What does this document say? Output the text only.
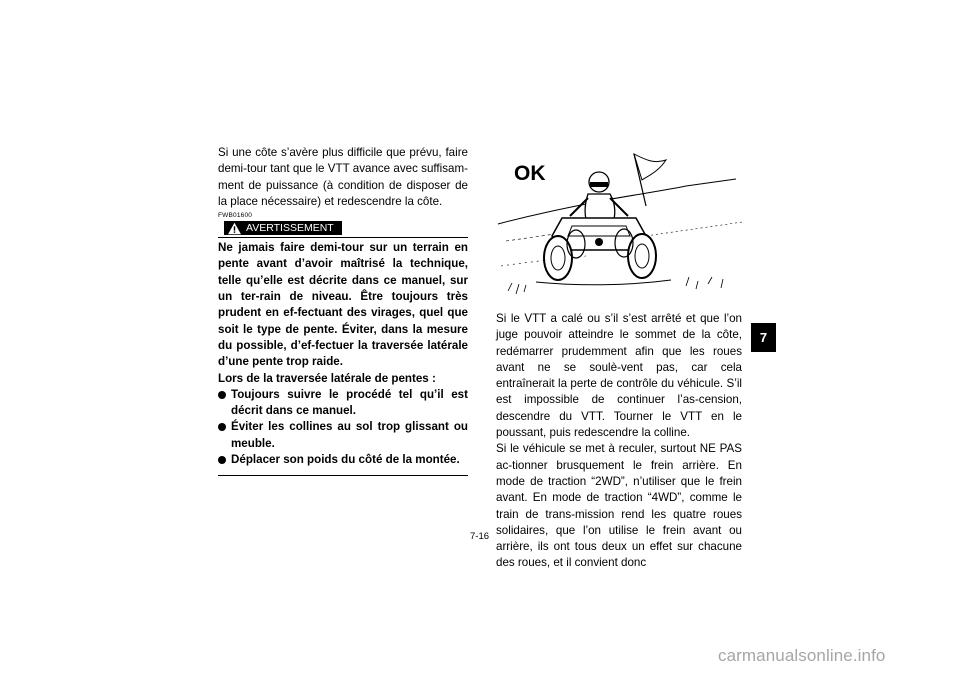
Si une côte s’avère plus difficile que prévu, faire demi-tour tant que le VTT avance avec suffisam-ment de puissance (à condition de disposer de la place nécessaire) et redescendre la côte.

FWB01600

AVERTISSEMENT

Ne jamais faire demi-tour sur un terrain en pente avant d’avoir maîtrisé la technique, telle qu’elle est décrite dans ce manuel, sur un ter-rain de niveau. Être toujours très prudent en ef-fectuant des virages, quel que soit le type de pente. Éviter, dans la mesure du possible, d’ef-fectuer la traversée latérale d’une pente trop raide.

Lors de la traversée latérale de pentes :

Toujours suivre le procédé tel qu’il est décrit dans ce manuel.
Éviter les collines au sol trop glissant ou meuble.
Déplacer son poids du côté de la montée.
OK

Si le VTT a calé ou s’il s’est arrêté et que l’on juge pouvoir atteindre le sommet de la côte, redémarrer prudemment afin que les roues avant ne se soulè-vent pas, car cela entraînerait la perte de contrôle du véhicule. S’il est impossible de continuer l’as-cension, descendre du VTT. Tourner le VTT en le poussant, puis redescendre la colline.

Si le véhicule se met à reculer, surtout NE PAS ac-tionner brusquement le frein arrière. En mode de traction “2WD”, n’utiliser que le frein avant. En mode de traction “4WD”, comme le train de trans-mission rend les quatre roues solidaires, que l’on utilise le frein avant ou arrière, ils ont tous deux un effet sur chacune des roues, et il convient donc

7
7-16
carmanualsonline.info
